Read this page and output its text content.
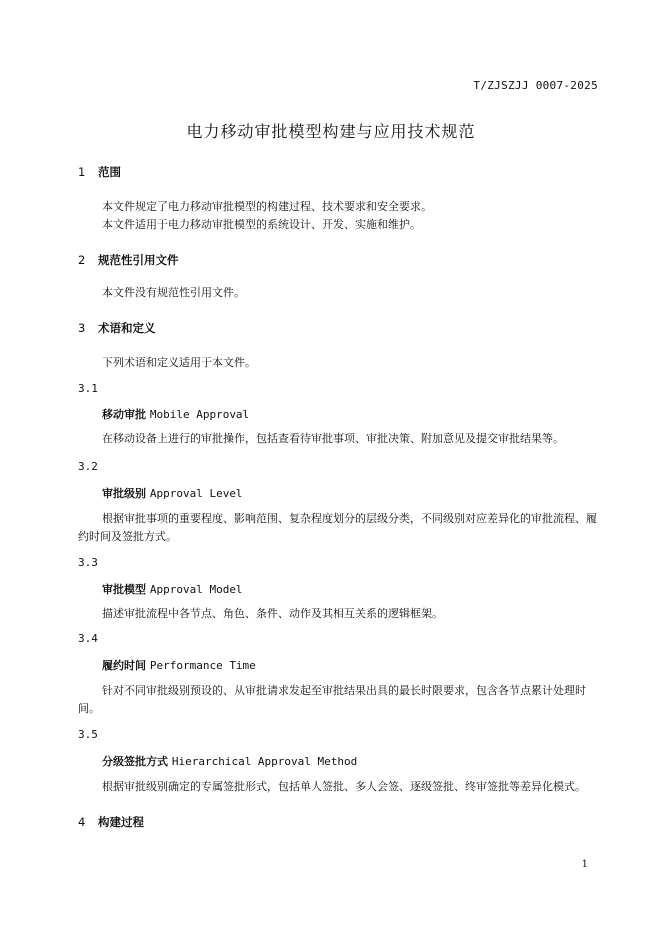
T/ZJSZJJ 0007-2025
电力移动审批模型构建与应用技术规范
1 范围

本文件规定了电力移动审批模型的构建过程、技术要求和安全要求。

本文件适用于电力移动审批模型的系统设计、开发、实施和维护。

2 规范性引用文件

本文件没有规范性引用文件。

3 术语和定义

下列术语和定义适用于本文件。

3.1
移动审批 Mobile Approval

在移动设备上进行的审批操作，包括查看待审批事项、审批决策、附加意见及提交审批结果等。

3.2
审批级别 Approval Level

根据审批事项的重要程度、影响范围、复杂程度划分的层级分类，不同级别对应差异化的审批流程、履约时间及签批方式。

3.3
审批模型 Approval Model

描述审批流程中各节点、角色、条件、动作及其相互关系的逻辑框架。

3.4
履约时间 Performance Time

针对不同审批级别预设的、从审批请求发起至审批结果出具的最长时限要求，包含各节点累计处理时间。

3.5
分级签批方式 Hierarchical Approval Method

根据审批级别确定的专属签批形式，包括单人签批、多人会签、逐级签批、终审签批等差异化模式。

4 构建过程
1
